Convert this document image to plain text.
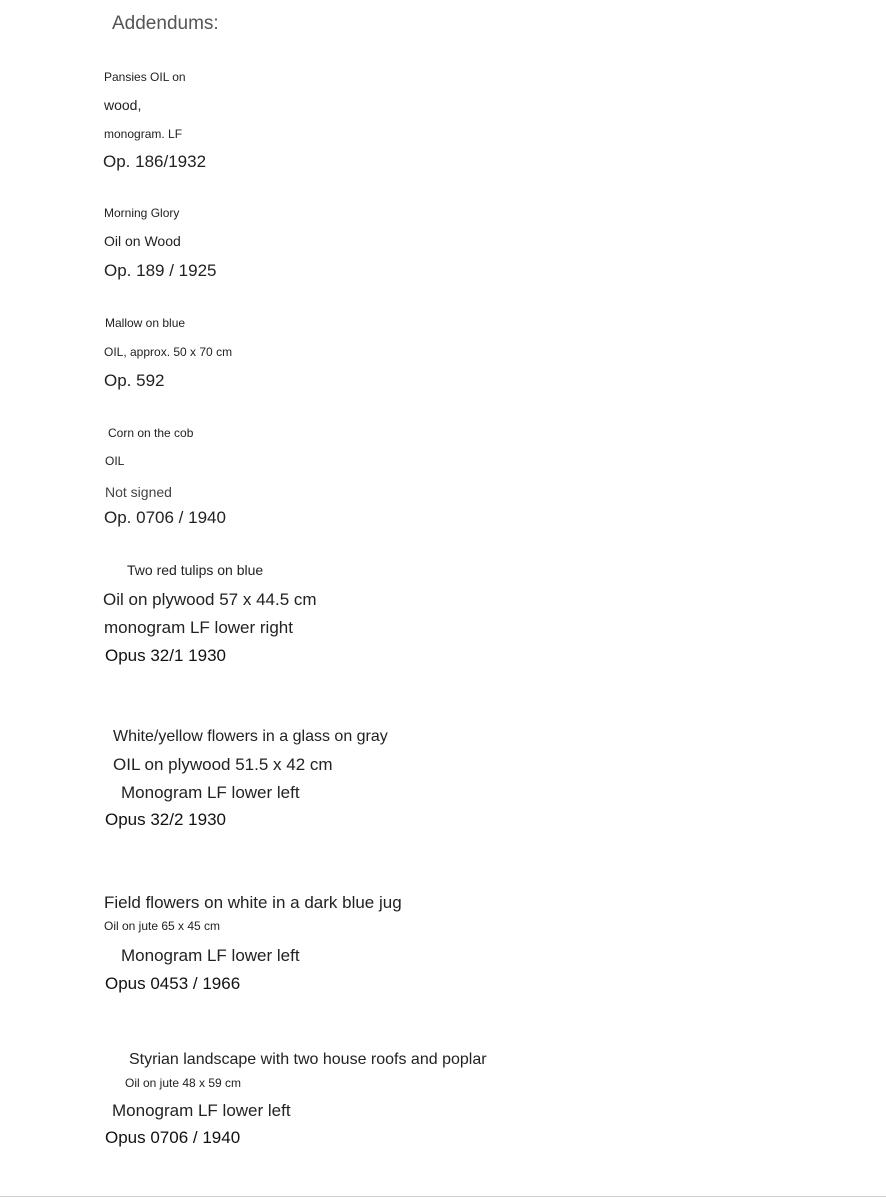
Addendums:
Pansies OIL on
wood,
monogram. LF
Op. 186/1932
Morning Glory
Oil on Wood
Op. 189 / 1925
Mallow on blue
OIL, approx. 50 x 70 cm
Op. 592
Corn on the cob
OIL
Not signed
Op. 0706 / 1940
Two red tulips on blue
Oil on plywood 57 x 44.5 cm
monogram LF lower right
Opus 32/1 1930
White/yellow flowers in a glass on gray
OIL on plywood 51.5 x 42 cm
Monogram LF lower left
Opus 32/2 1930
Field flowers on white in a dark blue jug
Oil on jute 65 x 45 cm
Monogram LF lower left
Opus 0453 / 1966
Styrian landscape with two house roofs and poplar
Oil on jute 48 x 59 cm
Monogram LF lower left
Opus 0706 / 1940
